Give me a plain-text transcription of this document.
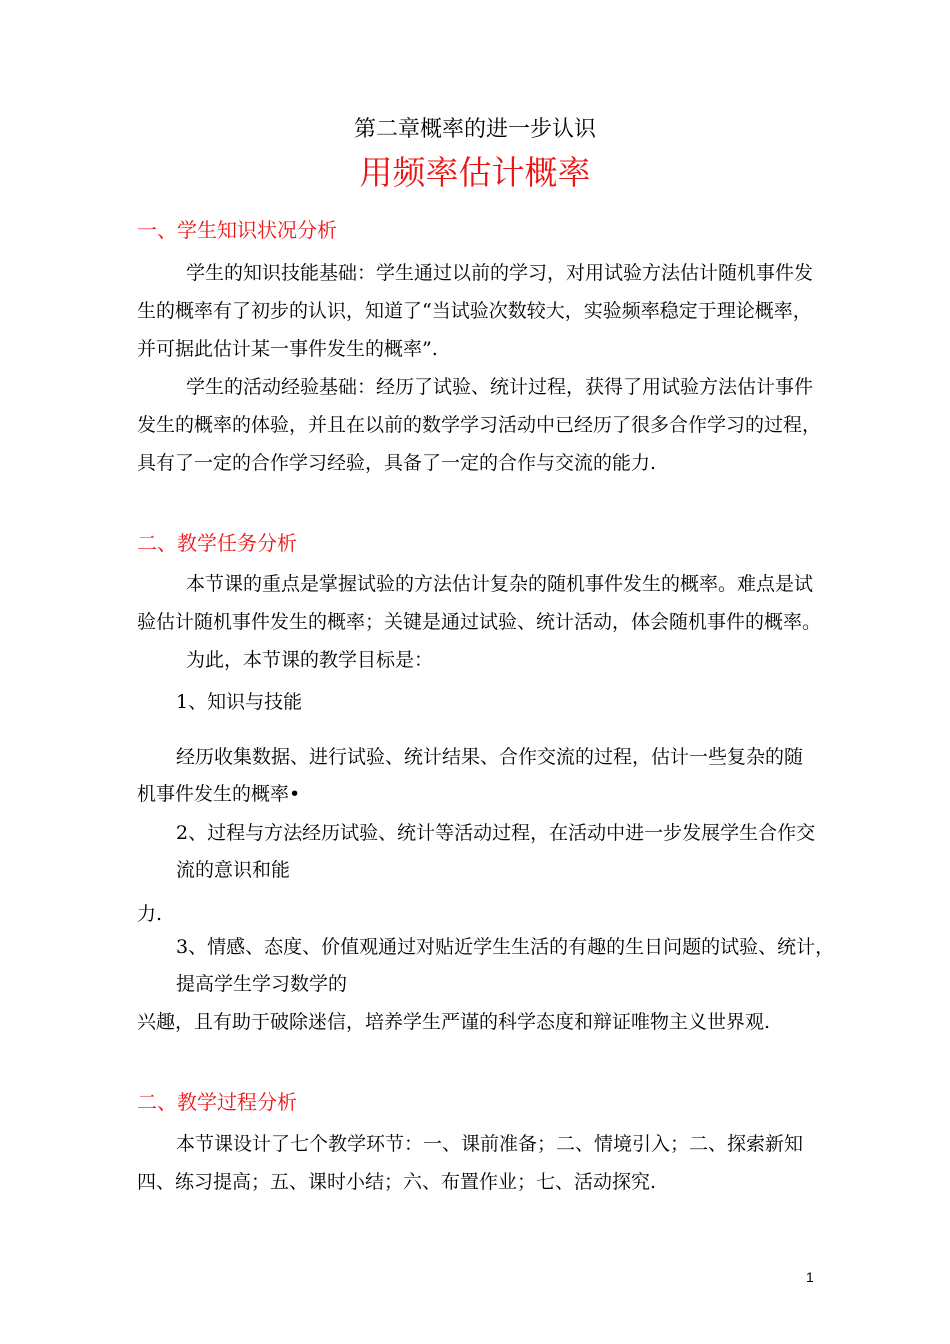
第二章概率的进一步认识
用频率估计概率
一、学生知识状况分析
学生的知识技能基础：学生通过以前的学习，对用试验方法估计随机事件发
生的概率有了初步的认识，知道了“当试验次数较大，实验频率稳定于理论概率，
并可据此估计某一事件发生的概率”.
学生的活动经验基础：经历了试验、统计过程，获得了用试验方法估计事件
发生的概率的体验，并且在以前的数学学习活动中已经历了很多合作学习的过程，
具有了一定的合作学习经验，具备了一定的合作与交流的能力.
二、教学任务分析
本节课的重点是掌握试验的方法估计复杂的随机事件发生的概率。难点是试
验估计随机事件发生的概率；关键是通过试验、统计活动，体会随机事件的概率。
为此，本节课的教学目标是：
1、知识与技能
经历收集数据、进行试验、统计结果、合作交流的过程，估计一些复杂的随
机事件发生的概率•
2、过程与方法经历试验、统计等活动过程，在活动中进一步发展学生合作交
流的意识和能
力.
3、情感、态度、价值观通过对贴近学生生活的有趣的生日问题的试验、统计，
提高学生学习数学的
兴趣，且有助于破除迷信，培养学生严谨的科学态度和辩证唯物主义世界观.
二、教学过程分析
本节课设计了七个教学环节：一、课前准备；二、情境引入；二、探索新知
四、练习提高；五、课时小结；六、布置作业；七、活动探究.
1
